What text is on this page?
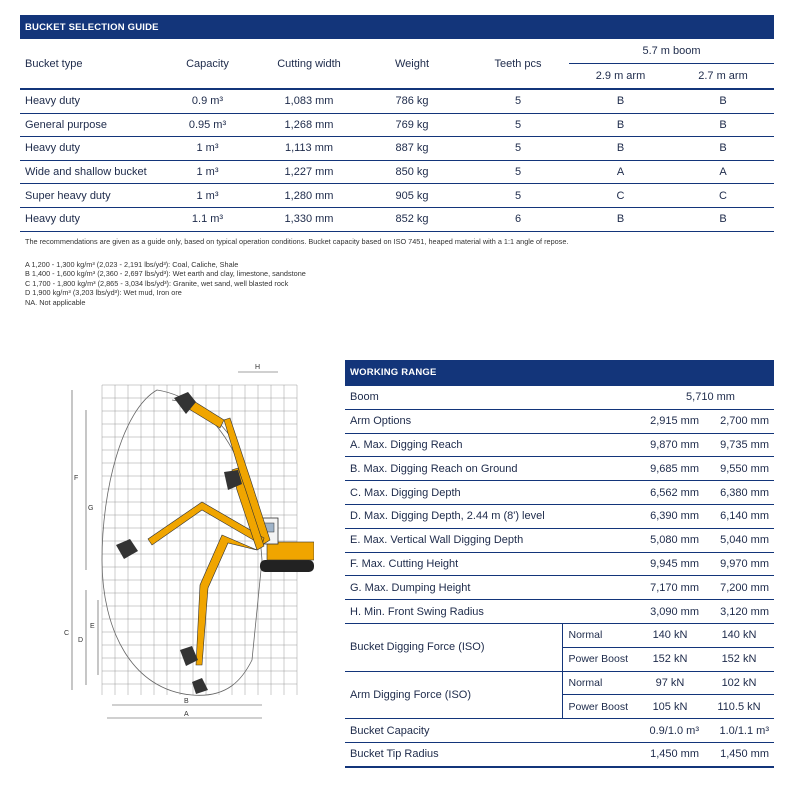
BUCKET SELECTION GUIDE
Bucket type	Capacity	Cutting width	Weight	Teeth pcs	5.7 m boom	
					2.9 m arm	2.7 m arm
Heavy duty	0.9 m³	1,083 mm	786 kg	5	B	B
General purpose	0.95 m³	1,268 mm	769 kg	5	B	B
Heavy duty	1 m³	1,113 mm	887 kg	5	B	B
Wide and shallow bucket	1 m³	1,227 mm	850 kg	5	A	A
Super heavy duty	1 m³	1,280 mm	905 kg	5	C	C
Heavy duty	1.1 m³	1,330 mm	852 kg	6	B	B

The recommendations are given as a guide only, based on typical operation conditions. Bucket capacity based on ISO 7451, heaped material with a 1:1 angle of repose.

A 1,200 - 1,300 kg/m³ (2,023 - 2,191 lbs/yd³): Coal, Caliche, Shale

B 1,400 - 1,600 kg/m³ (2,360 - 2,697 lbs/yd³): Wet earth and clay, limestone, sandstone

C 1,700 - 1,800 kg/m³ (2,865 - 3,034 lbs/yd³): Granite, wet sand, well blasted rock

D 1,900 kg/m³ (3,203 lbs/yd³): Wet mud, Iron ore

NA. Not applicable

H
F
G
C
D
E
B
A
WORKING RANGE
Boom	5,710 mm		
Arm Options		2,915 mm	2,700 mm
A. Max. Digging Reach		9,870 mm	9,735 mm
B. Max. Digging Reach on Ground		9,685 mm	9,550 mm
C. Max. Digging Depth		6,562 mm	6,380 mm
D. Max. Digging Depth, 2.44 m (8') level		6,390 mm	6,140 mm
E. Max. Vertical Wall Digging Depth		5,080 mm	5,040 mm
F. Max. Cutting Height		9,945 mm	9,970 mm
G. Max. Dumping Height		7,170 mm	7,200 mm
H. Min. Front Swing Radius		3,090 mm	3,120 mm
Bucket Digging Force (ISO)	Normal	140 kN	140 kN
	Power Boost	152 kN	152 kN
Arm Digging Force (ISO)	Normal	97 kN	102 kN
	Power Boost	105 kN	110.5 kN
Bucket Capacity		0.9/1.0 m³	1.0/1.1 m³
Bucket Tip Radius		1,450 mm	1,450 mm
